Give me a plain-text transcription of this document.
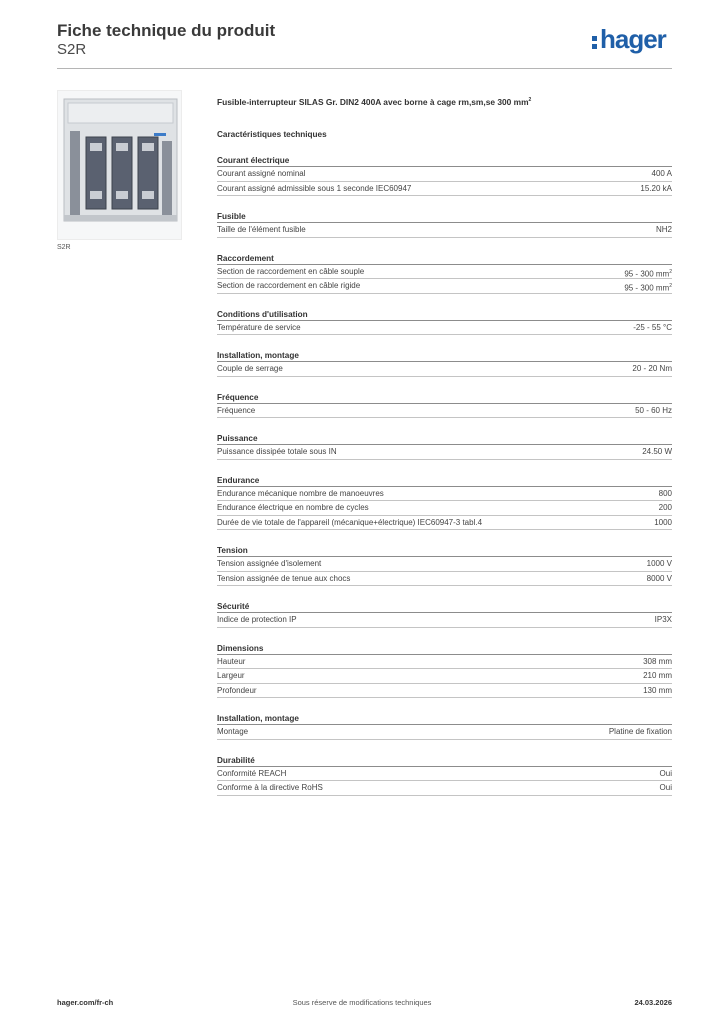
Fiche technique du produit
S2R	hager
S2R
Fusible-interrupteur SILAS Gr. DIN2 400A avec borne à cage rm,sm,se 300 $mm^2$
Caractéristiques techniques
Courant électrique
Courant assigné nominal	400 A
Courant assigné admissible sous 1 seconde IEC60947	15.20 kA
Fusible
Taille de l'élément fusible	NH2
Raccordement
Section de raccordement en câble souple	95 - 300 $mm^2$
Section de raccordement en câble rigide	95 - 300 $mm^2$
Conditions d'utilisation
Température de service	-25 - 55 °C
Installation, montage
Couple de serrage	20 - 20 Nm
Fréquence
Fréquence	50 - 60 Hz
Puissance
Puissance dissipée totale sous IN	24.50 W
Endurance
Endurance mécanique nombre de manoeuvres	800
Endurance électrique en nombre de cycles	200
Durée de vie totale de l'appareil (mécanique+électrique) IEC60947-3 tabl.4	1000
Tension
Tension assignée d'isolement	1000 V
Tension assignée de tenue aux chocs	8000 V
Sécurité
Indice de protection IP	IP3X
Dimensions
Hauteur	308 mm
Largeur	210 mm
Profondeur	130 mm
Installation, montage
Montage	Platine de fixation
Durabilité
Conformité REACH	Oui
Conforme à la directive RoHS	Oui
hager.com/fr-ch	Sous réserve de modifications techniques	24.03.2026
